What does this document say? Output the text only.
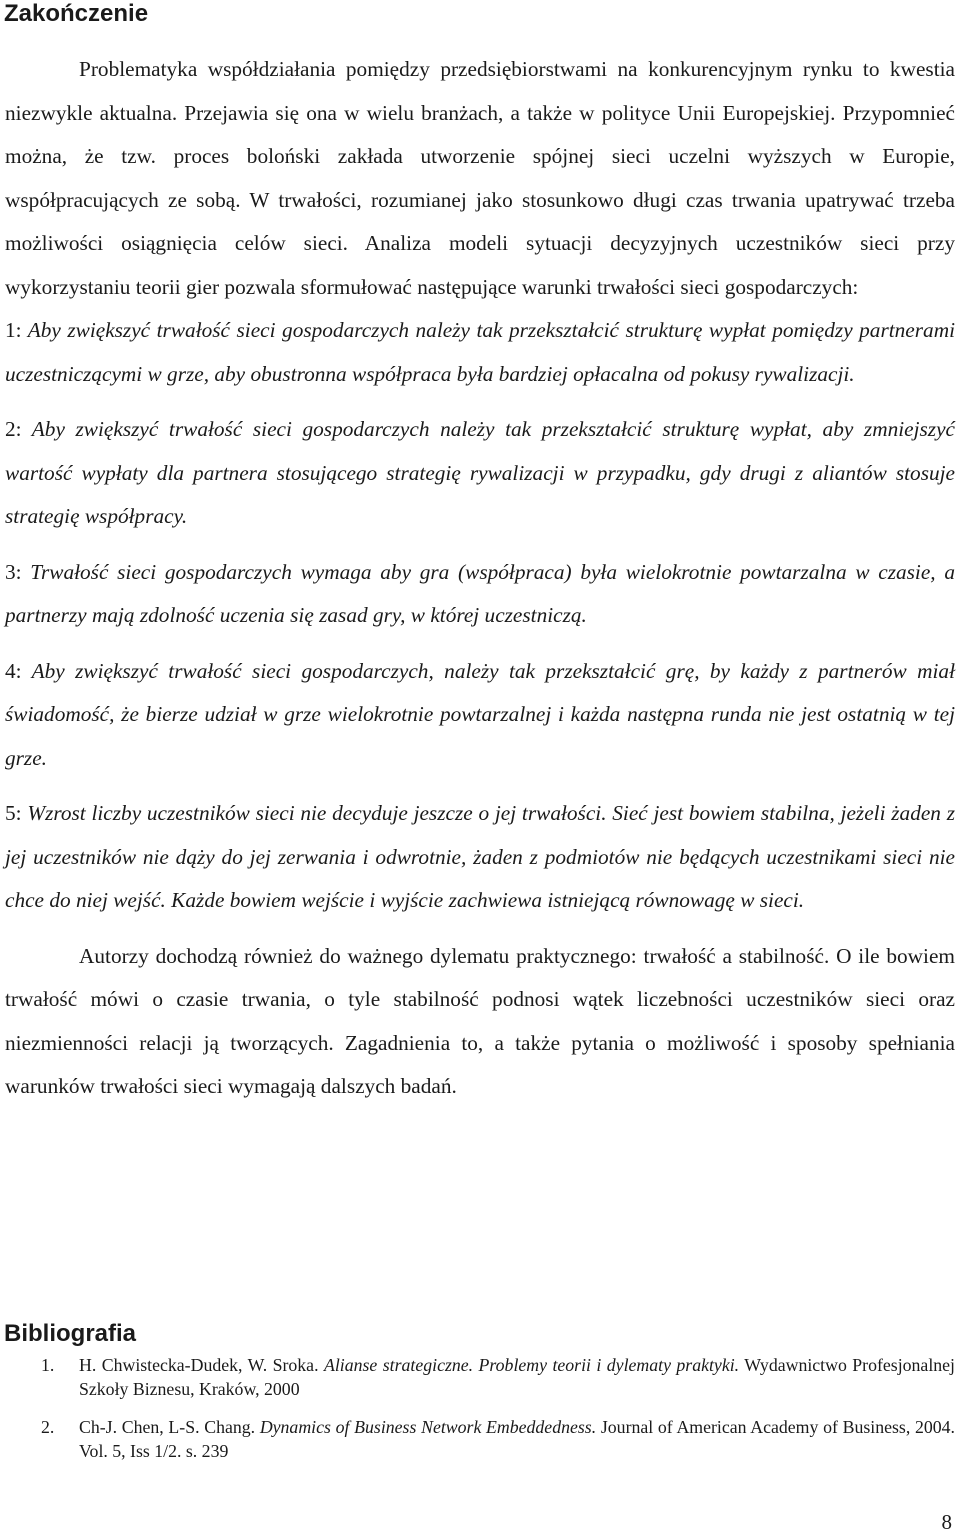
Zakończenie

Problematyka współdziałania pomiędzy przedsiębiorstwami na konkurencyjnym rynku to kwestia niezwykle aktualna. Przejawia się ona w wielu branżach, a także w polityce Unii Europejskiej. Przypomnieć można, że tzw. proces boloński zakłada utworzenie spójnej sieci uczelni wyższych w Europie, współpracujących ze sobą. W trwałości, rozumianej jako stosunkowo długi czas trwania upatrywać trzeba możliwości osiągnięcia celów sieci. Analiza modeli sytuacji decyzyjnych uczestników sieci przy wykorzystaniu teorii gier pozwala sformułować następujące warunki trwałości sieci gospodarczych:

1: Aby zwiększyć trwałość sieci gospodarczych należy tak przekształcić strukturę wypłat pomiędzy partnerami uczestniczącymi w grze, aby obustronna współpraca była bardziej opłacalna od pokusy rywalizacji.

2: Aby zwiększyć trwałość sieci gospodarczych należy tak przekształcić strukturę wypłat, aby zmniejszyć wartość wypłaty dla partnera stosującego strategię rywalizacji w przypadku, gdy drugi z aliantów stosuje strategię współpracy.

3: Trwałość sieci gospodarczych wymaga aby gra (współpraca) była wielokrotnie powtarzalna w czasie, a partnerzy mają zdolność uczenia się zasad gry, w której uczestniczą.

4: Aby zwiększyć trwałość sieci gospodarczych, należy tak przekształcić grę, by każdy z partnerów miał świadomość, że bierze udział w grze wielokrotnie powtarzalnej i każda następna runda nie jest ostatnią w tej grze.

5: Wzrost liczby uczestników sieci nie decyduje jeszcze o jej trwałości. Sieć jest bowiem stabilna, jeżeli żaden z jej uczestników nie dąży do jej zerwania i odwrotnie, żaden z podmiotów nie będących uczestnikami sieci nie chce do niej wejść. Każde bowiem wejście i wyjście zachwiewa istniejącą równowagę w sieci.

Autorzy dochodzą również do ważnego dylematu praktycznego: trwałość a stabilność. O ile bowiem trwałość mówi o czasie trwania, o tyle stabilność podnosi wątek liczebności uczestników sieci oraz niezmienności relacji ją tworzących. Zagadnienia to, a także pytania o możliwość i sposoby spełniania warunków trwałości sieci wymagają dalszych badań.

Bibliografia
1. H. Chwistecka-Dudek, W. Sroka. Alianse strategiczne. Problemy teorii i dylematy praktyki. Wydawnictwo Profesjonalnej Szkoły Biznesu, Kraków, 2000
2. Ch-J. Chen, L-S. Chang. Dynamics of Business Network Embeddedness. Journal of American Academy of Business, 2004. Vol. 5, Iss 1/2. s. 239
8
